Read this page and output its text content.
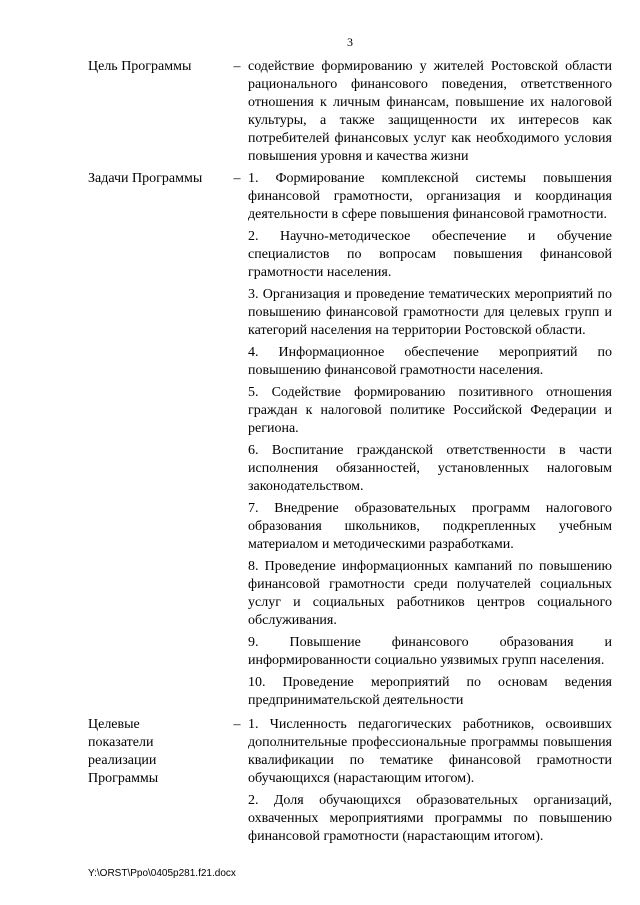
3
Цель Программы	– содействие формированию у жителей Ростовской области рационального финансового поведения, ответственного отношения к личным финансам, повышение их налоговой культуры, а также защищенности их интересов как потребителей финансовых услуг как необходимого условия повышения уровня и качества жизни

Задачи Программы	– 1. Формирование комплексной системы повышения финансовой грамотности, организация и координация деятельности в сфере повышения финансовой грамотности.

2. Научно-методическое обеспечение и обучение специалистов по вопросам повышения финансовой грамотности населения.

3. Организация и проведение тематических мероприятий по повышению финансовой грамотности для целевых групп и категорий населения на территории Ростовской области.

4. Информационное обеспечение мероприятий по повышению финансовой грамотности населения.

5. Содействие формированию позитивного отношения граждан к налоговой политике Российской Федерации и региона.

6. Воспитание гражданской ответственности в части исполнения обязанностей, установленных налоговым законодательством.

7. Внедрение образовательных программ налогового образования школьников, подкрепленных учебным материалом и методическими разработками.

8. Проведение информационных кампаний по повышению финансовой грамотности среди получателей социальных услуг и социальных работников центров социального обслуживания.

9. Повышение финансового образования и информированности социально уязвимых групп населения.

10. Проведение мероприятий по основам ведения предпринимательской деятельности

Целевые
показатели
реализации
Программы
– 1. Численность педагогических работников, освоивших дополнительные профессиональные программы повышения квалификации по тематике финансовой грамотности обучающихся (нарастающим итогом).

2. Доля обучающихся образовательных организаций, охваченных мероприятиями программы по повышению финансовой грамотности (нарастающим итогом).

Y:\ORST\Ppo\0405p281.f21.docx
